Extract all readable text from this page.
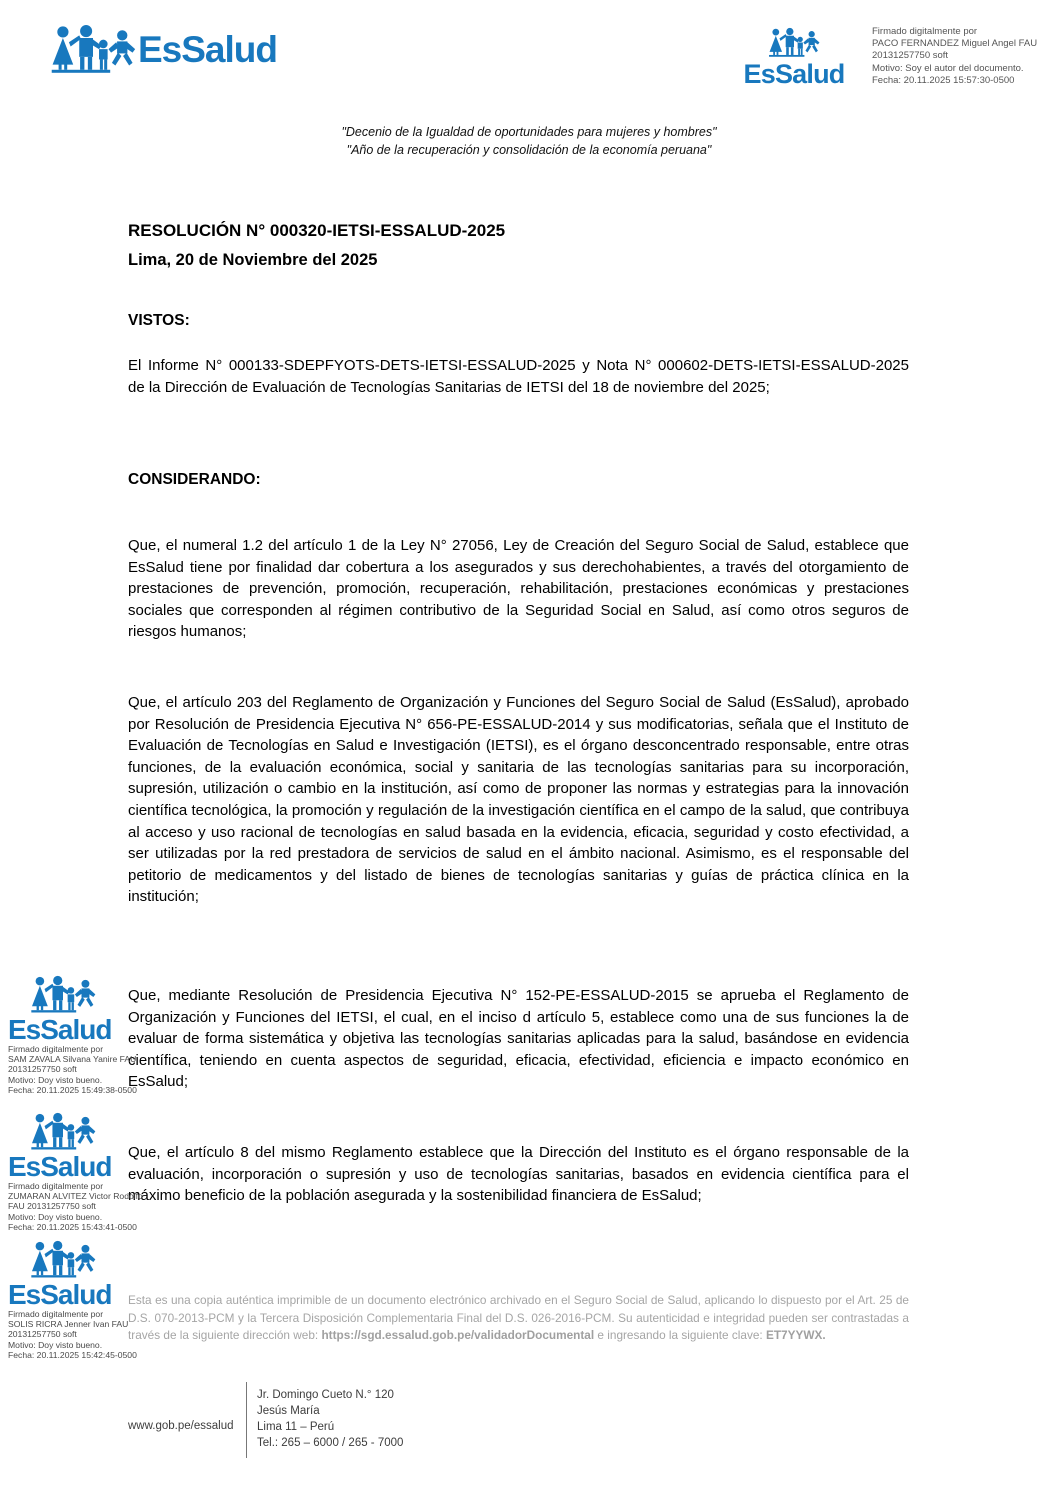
EsSalud
EsSalud
Firmado digitalmente por
PACO FERNANDEZ Miguel Angel FAU
20131257750 soft
Motivo: Soy el autor del documento.
Fecha: 20.11.2025 15:57:30-0500
"Decenio de la Igualdad de oportunidades para mujeres y hombres"
"Año de la recuperación y consolidación de la economía peruana"
RESOLUCIÓN N° 000320-IETSI-ESSALUD-2025
Lima, 20 de Noviembre del 2025
VISTOS:

El Informe N° 000133-SDEPFYOTS-DETS-IETSI-ESSALUD-2025 y Nota N° 000602-DETS-IETSI-ESSALUD-2025 de la Dirección de Evaluación de Tecnologías Sanitarias de IETSI del 18 de noviembre del 2025;

CONSIDERANDO:

Que, el numeral 1.2 del artículo 1 de la Ley N° 27056, Ley de Creación del Seguro Social de Salud, establece que EsSalud tiene por finalidad dar cobertura a los asegurados y sus derechohabientes, a través del otorgamiento de prestaciones de prevención, promoción, recuperación, rehabilitación, prestaciones económicas y prestaciones sociales que corresponden al régimen contributivo de la Seguridad Social en Salud, así como otros seguros de riesgos humanos;

Que, el artículo 203 del Reglamento de Organización y Funciones del Seguro Social de Salud (EsSalud), aprobado por Resolución de Presidencia Ejecutiva N° 656-PE-ESSALUD-2014 y sus modificatorias, señala que el Instituto de Evaluación de Tecnologías en Salud e Investigación (IETSI), es el órgano desconcentrado responsable, entre otras funciones, de la evaluación económica, social y sanitaria de las tecnologías sanitarias para su incorporación, supresión, utilización o cambio en la institución, así como de proponer las normas y estrategias para la innovación científica tecnológica, la promoción y regulación de la investigación científica en el campo de la salud, que contribuya al acceso y uso racional de tecnologías en salud basada en la evidencia, eficacia, seguridad y costo efectividad, a ser utilizadas por la red prestadora de servicios de salud en el ámbito nacional. Asimismo, es el responsable del petitorio de medicamentos y del listado de bienes de tecnologías sanitarias y guías de práctica clínica en la institución;

Que, mediante Resolución de Presidencia Ejecutiva N° 152-PE-ESSALUD-2015 se aprueba el Reglamento de Organización y Funciones del IETSI, el cual, en el inciso d artículo 5, establece como una de sus funciones la de evaluar de forma sistemática y objetiva las tecnologías sanitarias aplicadas para la salud, basándose en evidencia científica, teniendo en cuenta aspectos de seguridad, eficacia, efectividad, eficiencia e impacto económico en EsSalud;

Que, el artículo 8 del mismo Reglamento establece que la Dirección del Instituto es el órgano responsable de la evaluación, incorporación o supresión y uso de tecnologías sanitarias, basados en evidencia científica para el máximo beneficio de la población asegurada y la sostenibilidad financiera de EsSalud;

EsSalud
Firmado digitalmente por
SAM ZAVALA Silvana Yanire FAU
20131257750 soft
Motivo: Doy visto bueno.
Fecha: 20.11.2025 15:49:38-0500
EsSalud
Firmado digitalmente por
ZUMARAN ALVITEZ Victor Rodolfo
FAU 20131257750 soft
Motivo: Doy visto bueno.
Fecha: 20.11.2025 15:43:41-0500
EsSalud
Firmado digitalmente por
SOLIS RICRA Jenner Ivan FAU
20131257750 soft
Motivo: Doy visto bueno.
Fecha: 20.11.2025 15:42:45-0500

Esta es una copia auténtica imprimible de un documento electrónico archivado en el Seguro Social de Salud, aplicando lo dispuesto por el Art. 25 de D.S. 070-2013-PCM y la Tercera Disposición Complementaria Final del D.S. 026-2016-PCM. Su autenticidad e integridad pueden ser contrastadas a través de la siguiente dirección web: https://sgd.essalud.gob.pe/validadorDocumental e ingresando la siguiente clave: ET7YYWX.

www.gob.pe/essalud
Jr. Domingo Cueto N.° 120
Jesús María
Lima 11 – Perú
Tel.: 265 – 6000 / 265 - 7000
